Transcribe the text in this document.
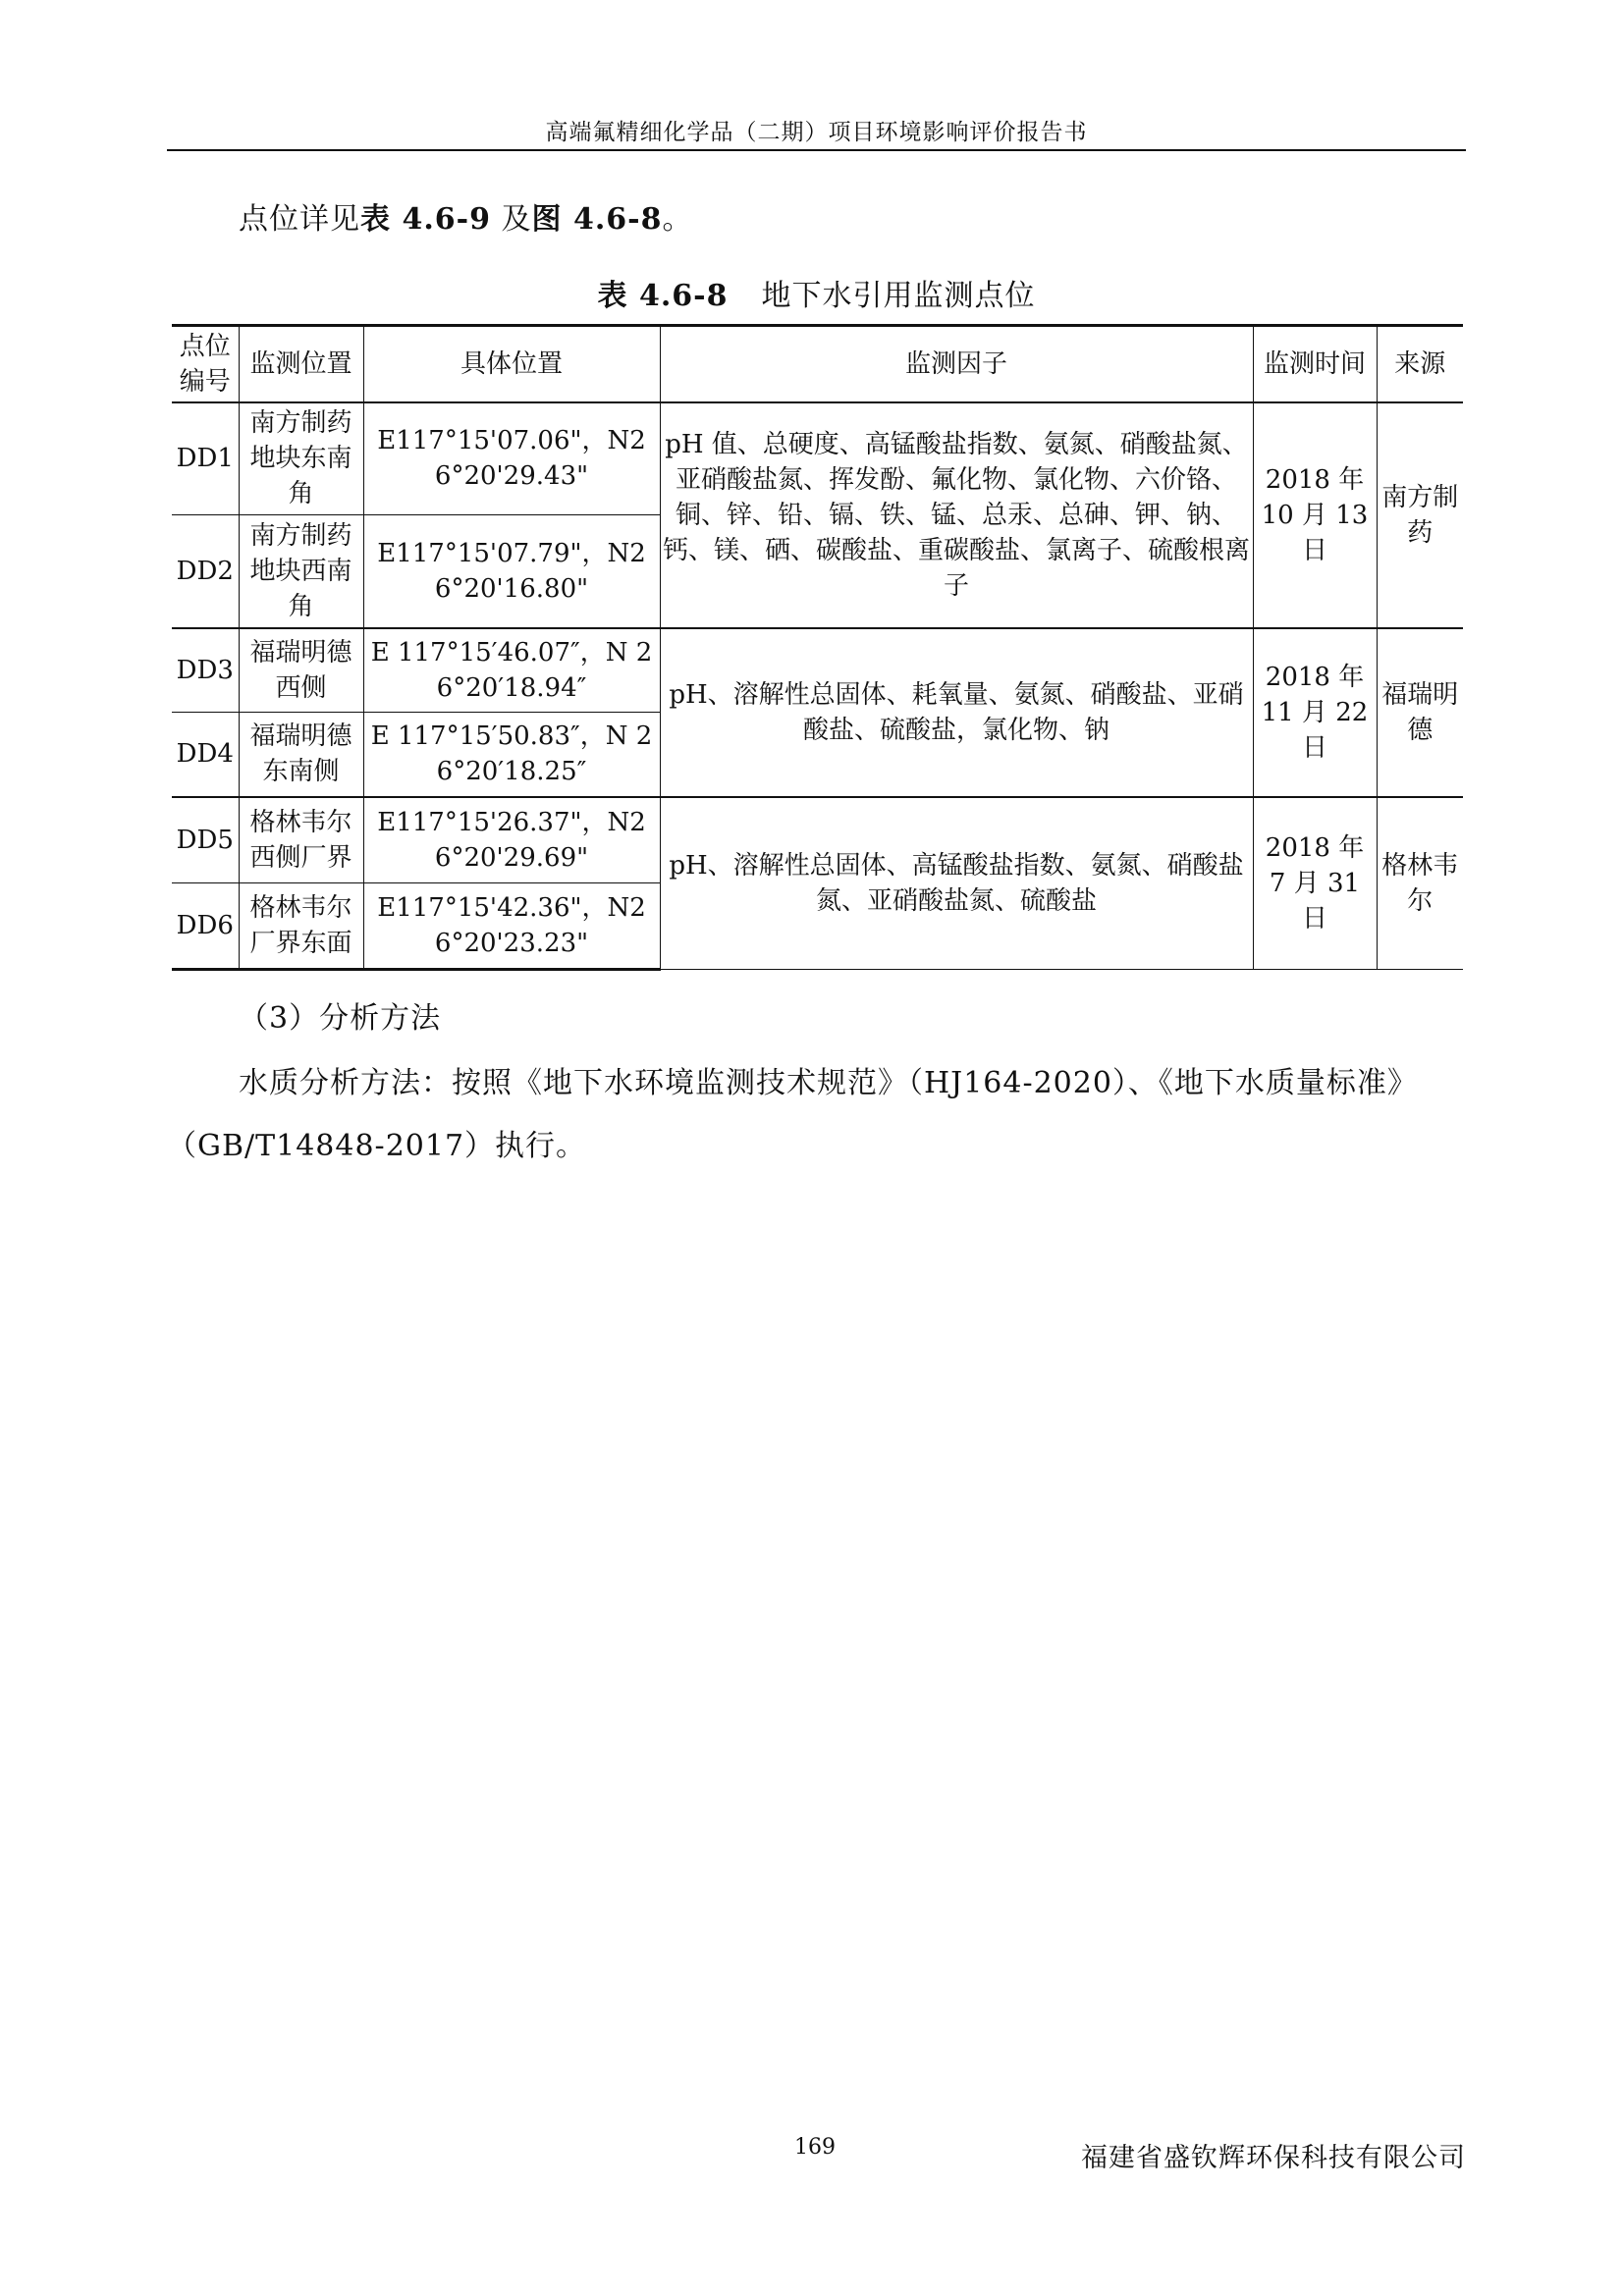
高端氟精细化学品（二期）项目环境影响评价报告书
点位详见表 4.6-9 及图 4.6-8。
表 4.6-8 地下水引用监测点位
点位编号	监测位置	具体位置	监测因子	监测时间	来源
DD1	南方制药地块东南角	E117°15'07.06"，N26°20'29.43"	pH 值、总硬度、高锰酸盐指数、氨氮、硝酸盐氮、亚硝酸盐氮、挥发酚、氟化物、氯化物、六价铬、铜、锌、铅、镉、铁、锰、总汞、总砷、钾、钠、钙、镁、硒、碳酸盐、重碳酸盐、氯离子、硫酸根离子	2018 年 10 月 13 日	南方制药
DD2	南方制药地块西南角	E117°15'07.79"，N26°20'16.80"			
DD3	福瑞明德西侧	E 117°15′46.07″，N 26°20′18.94″	pH、溶解性总固体、耗氧量、氨氮、硝酸盐、亚硝酸盐、硫酸盐，氯化物、钠	2018 年 11 月 22 日	福瑞明德
DD4	福瑞明德东南侧	E 117°15′50.83″，N 26°20′18.25″			
DD5	格林韦尔西侧厂界	E117°15'26.37"，N26°20'29.69"	pH、溶解性总固体、高锰酸盐指数、氨氮、硝酸盐氮、亚硝酸盐氮、硫酸盐	2018 年 7 月 31 日	格林韦尔
DD6	格林韦尔厂界东面	E117°15'42.36"，N26°20'23.23"			
（3）分析方法
水质分析方法：按照《地下水环境监测技术规范》（HJ164-2020）、《地下水质量标准》（GB/T14848-2017）执行。
169	福建省盛钦辉环保科技有限公司
